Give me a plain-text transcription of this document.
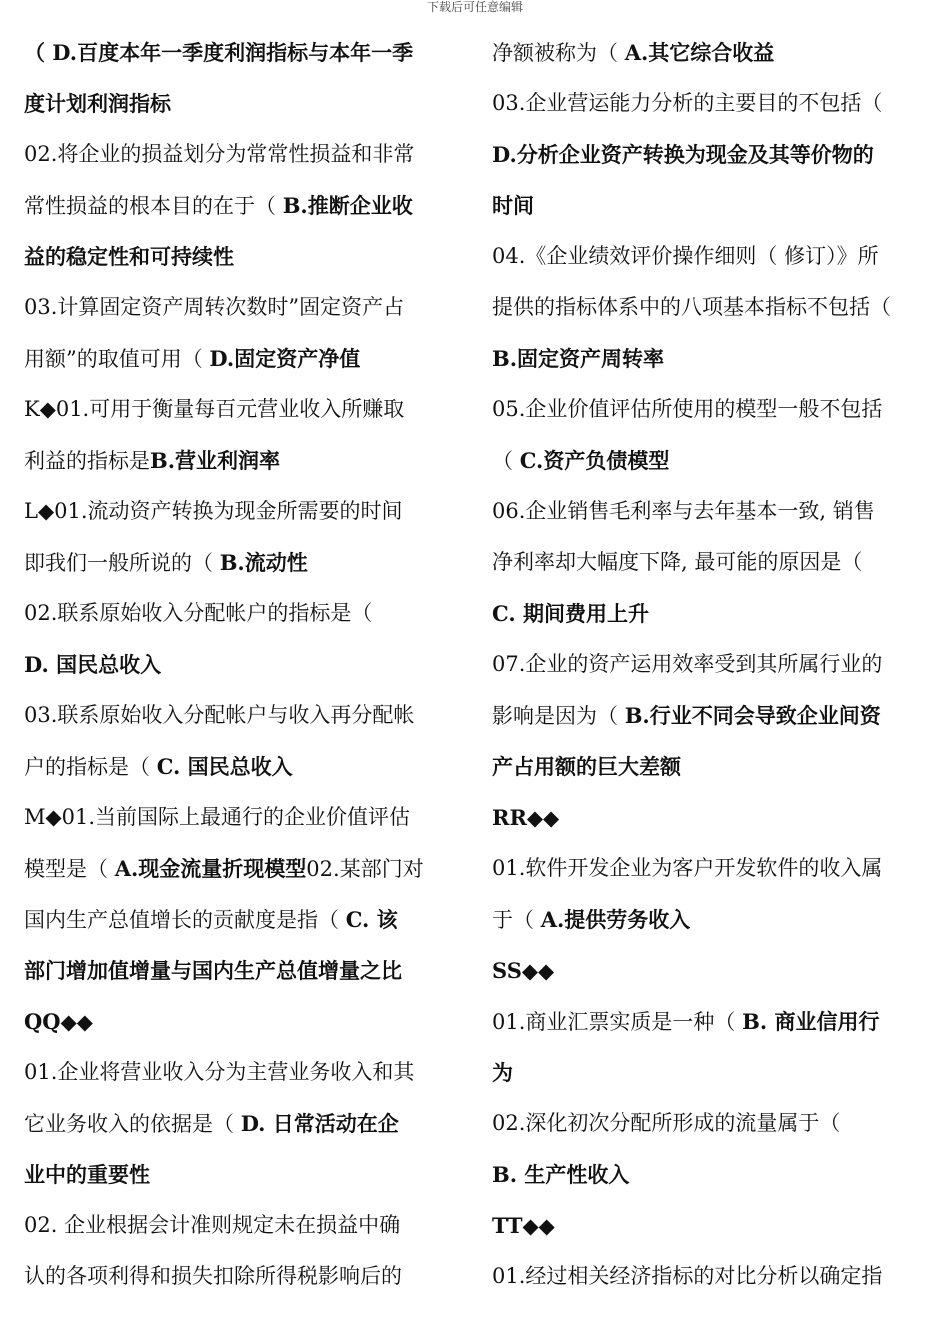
下载后可任意编辑
（ D.百度本年一季度利润指标与本年一季
度计划利润指标
02.将企业的损益划分为常常性损益和非常
常性损益的根本目的在于（ B.推断企业收
益的稳定性和可持续性
03.计算固定资产周转次数时”固定资产占
用额”的取值可用（ D.固定资产净值
K◆01.可用于衡量每百元营业收入所赚取
利益的指标是B.营业利润率
L◆01.流动资产转换为现金所需要的时间
即我们一般所说的（ B.流动性
02.联系原始收入分配帐户的指标是（
D. 国民总收入
03.联系原始收入分配帐户与收入再分配帐
户的指标是（ C. 国民总收入
M◆01.当前国际上最通行的企业价值评估
模型是（ A.现金流量折现模型02.某部门对
国内生产总值增长的贡献度是指（ C. 该
部门增加值增量与国内生产总值增量之比
QQ◆◆
01.企业将营业收入分为主营业务收入和其
它业务收入的依据是（ D. 日常活动在企
业中的重要性
02. 企业根据会计准则规定未在损益中确
认的各项利得和损失扣除所得税影响后的
净额被称为（ A.其它综合收益
03.企业营运能力分析的主要目的不包括（
D.分析企业资产转换为现金及其等价物的
时间
04.《企业绩效评价操作细则（ 修订）》所
提供的指标体系中的八项基本指标不包括（
B.固定资产周转率
05.企业价值评估所使用的模型一般不包括
（ C.资产负债模型
06.企业销售毛利率与去年基本一致, 销售
净利率却大幅度下降, 最可能的原因是（
C. 期间费用上升
07.企业的资产运用效率受到其所属行业的
影响是因为（ B.行业不同会导致企业间资
产占用额的巨大差额
RR◆◆
01.软件开发企业为客户开发软件的收入属
于（ A.提供劳务收入
SS◆◆
01.商业汇票实质是一种（ B. 商业信用行
为
02.深化初次分配所形成的流量属于（
B. 生产性收入
TT◆◆
01.经过相关经济指标的对比分析以确定指
